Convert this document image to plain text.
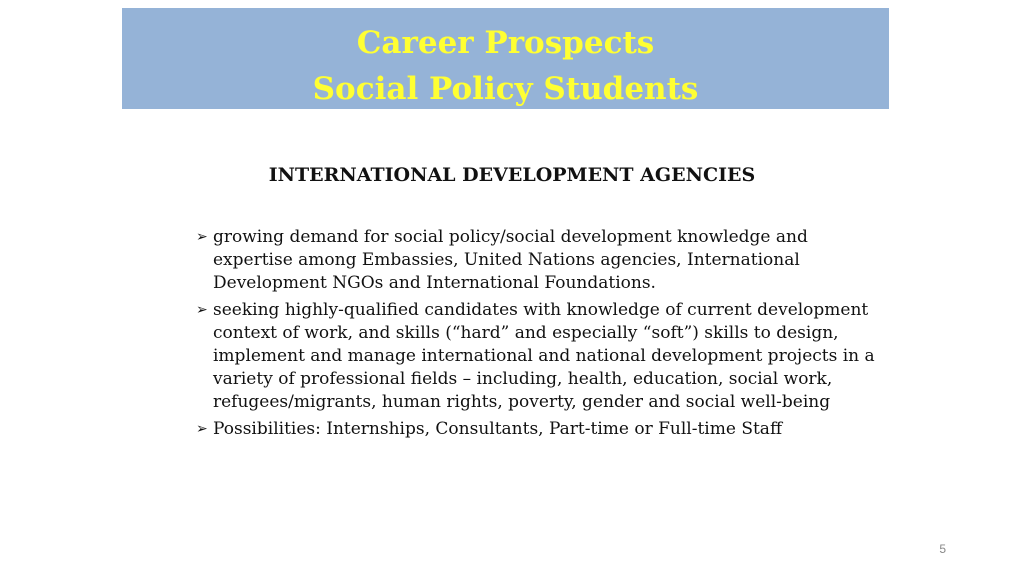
Career Prospects
Social Policy Students
INTERNATIONAL DEVELOPMENT AGENCIES
➢ growing demand for social policy/social development knowledge and expertise among Embassies, United Nations agencies, International Development NGOs and International Foundations.
➢ seeking highly-qualified candidates with knowledge of current development context of work, and skills (“hard” and especially “soft”) skills to design, implement and manage international and national development projects in a variety of professional fields – including, health, education, social work, refugees/migrants, human rights, poverty, gender and social well-being
➢ Possibilities: Internships, Consultants, Part-time or Full-time Staff
5
